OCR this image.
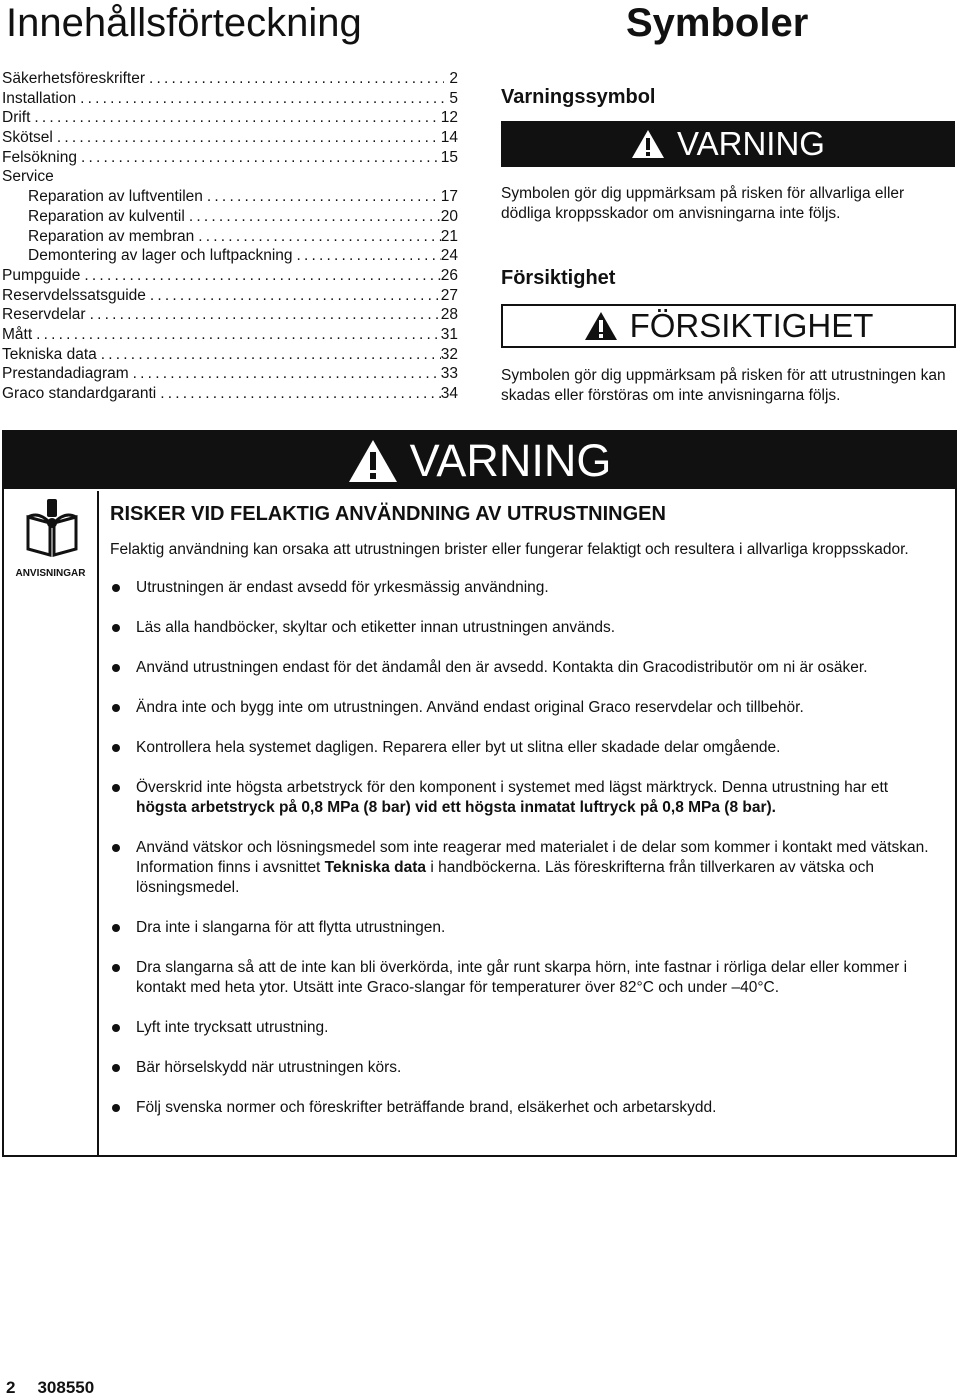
Innehållsförteckning	Symboler
Säkerhetsföreskrifter .....	2
Installation .....	5
Drift .....	12
Skötsel .....	14
Felsökning .....	15
Service
Reparation av luftventilen .....	17
Reparation av kulventil .....	20
Reparation av membran .....	21
Demontering av lager och luftpackning .....	24
Pumpguide .....	26
Reservdelssatsguide .....	27
Reservdelar .....	28
Mått .....	31
Tekniska data .....	32
Prestandadiagram .....	33
Graco standardgaranti .....	34
Varningssymbol
VARNING
Symbolen gör dig uppmärksam på risken för allvarliga eller dödliga kroppsskador om anvisningarna inte följs.
Försiktighet
FÖRSIKTIGHET
Symbolen gör dig uppmärksam på risken för att utrustningen kan skadas eller förstöras om inte anvisningarna följs.
VARNING
ANVISNINGAR
RISKER VID FELAKTIG ANVÄNDNING AV UTRUSTNINGEN
Felaktig användning kan orsaka att utrustningen brister eller fungerar felaktigt och resultera i allvarliga kroppsskador.
Utrustningen är endast avsedd för yrkesmässig användning.
Läs alla handböcker, skyltar och etiketter innan utrustningen används.
Använd utrustningen endast för det ändamål den är avsedd. Kontakta din Gracodistributör om ni är osäker.
Ändra inte och bygg inte om utrustningen. Använd endast original Graco reservdelar och tillbehör.
Kontrollera hela systemet dagligen. Reparera eller byt ut slitna eller skadade delar omgående.
Överskrid inte högsta arbetstryck för den komponent i systemet med lägst märktryck. Denna utrustning har ett högsta arbetstryck på 0,8 MPa (8 bar) vid ett högsta inmatat luftryck på 0,8 MPa (8 bar).
Använd vätskor och lösningsmedel som inte reagerar med materialet i de delar som kommer i kontakt med vätskan. Information finns i avsnittet Tekniska data i handböckerna. Läs föreskrifterna från tillverkaren av vätska och lösningsmedel.
Dra inte i slangarna för att flytta utrustningen.
Dra slangarna så att de inte kan bli överkörda, inte går runt skarpa hörn, inte fastnar i rörliga delar eller kommer i kontakt med heta ytor. Utsätt inte Graco-slangar för temperaturer över 82°C och under –40°C.
Lyft inte trycksatt utrustning.
Bär hörselskydd när utrustningen körs.
Följ svenska normer och föreskrifter beträffande brand, elsäkerhet och arbetarskydd.
2 308550
